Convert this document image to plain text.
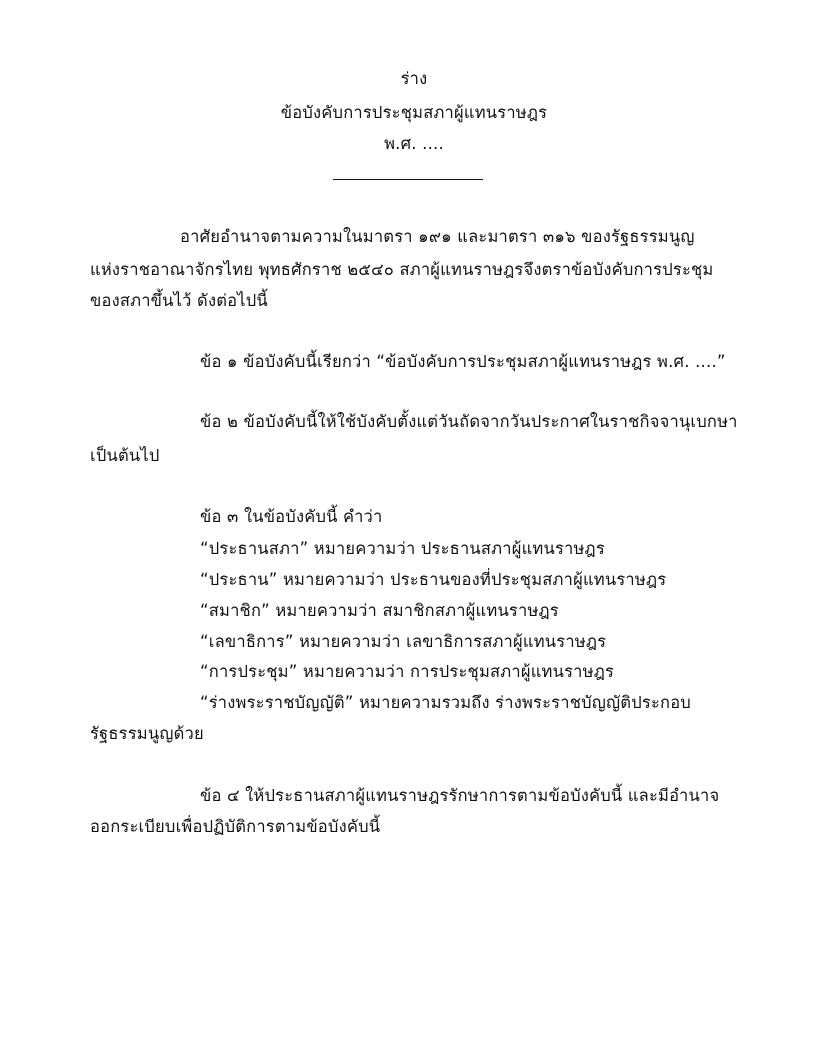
ร่าง
ข้อบังคับการประชุมสภาผู้แทนราษฎร
พ.ศ. ....
อาศัยอำนาจตามความในมาตรา ๑๙๑ และมาตรา ๓๑๖ ของรัฐธรรมนูญ
แห่งราชอาณาจักรไทย พุทธศักราช ๒๕๔๐ สภาผู้แทนราษฎรจึงตราข้อบังคับการประชุม
ของสภาขึ้นไว้ ดังต่อไปนี้
ข้อ ๑ ข้อบังคับนี้เรียกว่า “ข้อบังคับการประชุมสภาผู้แทนราษฎร พ.ศ. ....”
ข้อ ๒ ข้อบังคับนี้ให้ใช้บังคับตั้งแต่วันถัดจากวันประกาศในราชกิจจานุเบกษา
เป็นต้นไป
ข้อ ๓ ในข้อบังคับนี้ คำว่า
“ประธานสภา” หมายความว่า ประธานสภาผู้แทนราษฎร
“ประธาน” หมายความว่า ประธานของที่ประชุมสภาผู้แทนราษฎร
“สมาชิก” หมายความว่า สมาชิกสภาผู้แทนราษฎร
“เลขาธิการ” หมายความว่า เลขาธิการสภาผู้แทนราษฎร
“การประชุม” หมายความว่า การประชุมสภาผู้แทนราษฎร
“ร่างพระราชบัญญัติ” หมายความรวมถึง ร่างพระราชบัญญัติประกอบ
รัฐธรรมนูญด้วย
ข้อ ๔ ให้ประธานสภาผู้แทนราษฎรรักษาการตามข้อบังคับนี้ และมีอำนาจ
ออกระเบียบเพื่อปฏิบัติการตามข้อบังคับนี้
